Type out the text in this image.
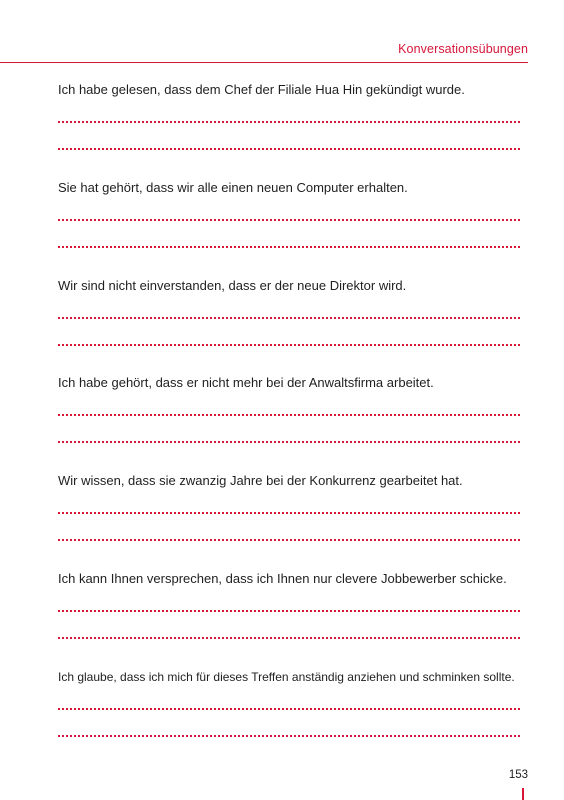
Konversationsübungen
Ich habe gelesen, dass dem Chef der Filiale Hua Hin gekündigt wurde.
Sie hat gehört, dass wir alle einen neuen Computer erhalten.
Wir sind nicht einverstanden, dass er der neue Direktor wird.
Ich habe gehört, dass er nicht mehr bei der Anwaltsfirma arbeitet.
Wir wissen, dass sie zwanzig Jahre bei der Konkurrenz gearbeitet hat.
Ich kann Ihnen versprechen, dass ich Ihnen nur clevere Jobbewerber schicke.
Ich glaube, dass ich mich für dieses Treffen anständig anziehen und schminken sollte.
153
